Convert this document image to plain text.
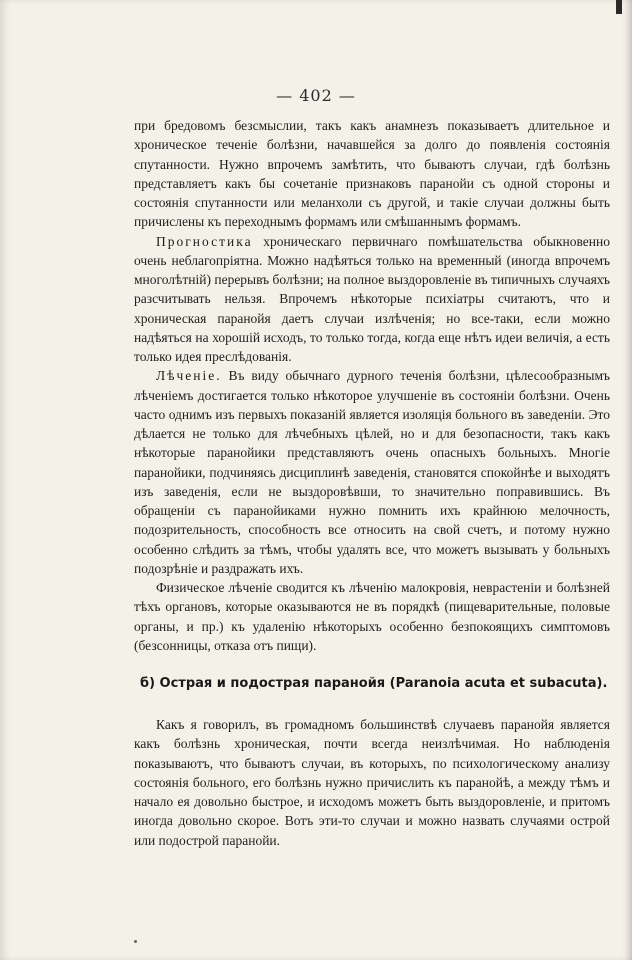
— 402 —

при бредовомъ безсмыслии, такъ какъ анамнезъ показываетъ длительное и хроническое теченіе болѣзни, начавшейся за долго до появленія состоянія спутанности. Нужно впрочемъ замѣтить, что бываютъ случаи, гдѣ болѣзнь представляетъ какъ бы сочетаніе признаковъ паранойи съ одной стороны и состоянія спутанности или меланхоли съ другой, и такіе случаи должны быть причислены къ переходнымъ формамъ или смѣшаннымъ формамъ.

Прогностика хроническаго первичнаго помѣшательства обыкновенно очень неблагопріятна. Можно надѣяться только на временный (иногда впрочемъ многолѣтній) перерывъ болѣзни; на полное выздоровленіе въ типичныхъ случаяхъ разсчитывать нельзя. Впрочемъ нѣкоторые психіатры считаютъ, что и хроническая паранойя даетъ случаи излѣченія; но все-таки, если можно надѣяться на хорошій исходъ, то только тогда, когда еще нѣтъ идеи величія, а есть только идея преслѣдованія.

Лѣченіе. Въ виду обычнаго дурного теченія болѣзни, цѣлесообразнымъ лѣченіемъ достигается только нѣкоторое улучшеніе въ состояніи болѣзни. Очень часто однимъ изъ первыхъ показаній является изоляція больного въ заведеніи. Это дѣлается не только для лѣчебныхъ цѣлей, но и для безопасности, такъ какъ нѣкоторые паранойики представляютъ очень опасныхъ больныхъ. Многіе паранойики, подчиняясь дисциплинѣ заведенія, становятся спокойнѣе и выходятъ изъ заведенія, если не выздоровѣвши, то значительно поправившись. Въ обращеніи съ паранойиками нужно помнить ихъ крайнюю мелочность, подозрительность, способность все относить на свой счетъ, и потому нужно особенно слѣдить за тѣмъ, чтобы удалять все, что можетъ вызывать у больныхъ подозрѣніе и раздражать ихъ.

Физическое лѣченіе сводится къ лѣченію малокровія, неврастеніи и болѣзней тѣхъ органовъ, которые оказываются не въ порядкѣ (пищеварительные, половые органы, и пр.) къ удаленію нѣкоторыхъ особенно безпокоящихъ симптомовъ (безсонницы, отказа отъ пищи).

б) Острая и подострая паранойя (Paranoia acuta et subacuta).

Какъ я говорилъ, въ громадномъ большинствѣ случаевъ паранойя является какъ болѣзнь хроническая, почти всегда неизлѣчимая. Но наблюденія показываютъ, что бываютъ случаи, въ которыхъ, по психологическому анализу состоянія больного, его болѣзнь нужно причислить къ паранойѣ, а между тѣмъ и начало ея довольно быстрое, и исходомъ можетъ быть выздоровленіе, и притомъ иногда довольно скорое. Вотъ эти-то случаи и можно назвать случаями острой или подострой паранойи.
